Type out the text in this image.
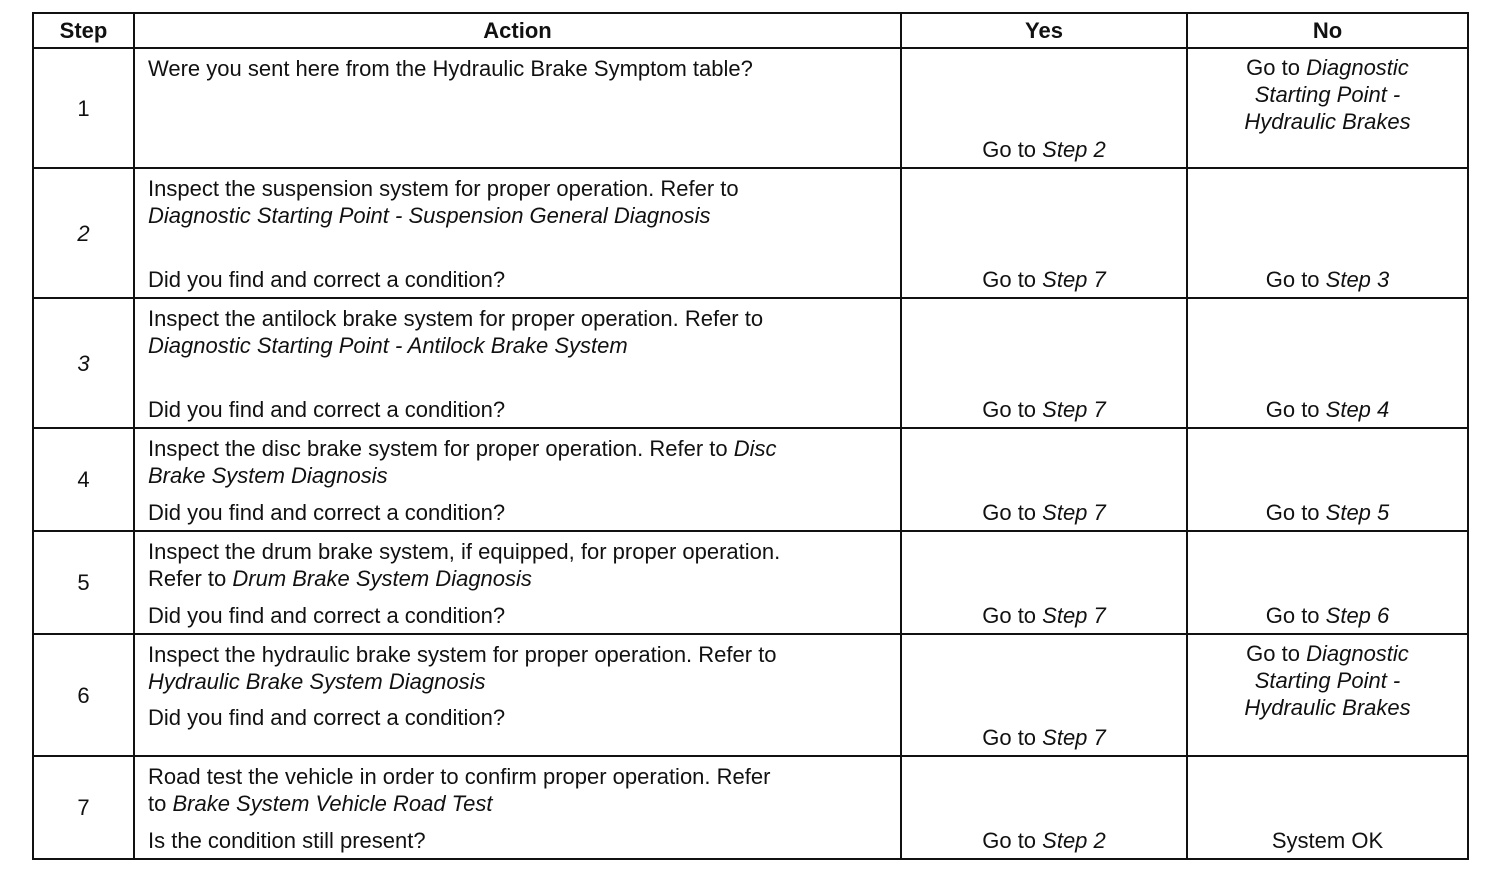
Step	Action	Yes	No
1	Were you sent here from the Hydraulic Brake Symptom table?	Go to Step 2	Go to Diagnostic
Starting Point -
Hydraulic Brakes

2	Inspect the suspension system for proper operation. Refer to
Diagnostic Starting Point - Suspension General Diagnosis
Did you find and correct a condition?	Go to Step 7	Go to Step 3

3	Inspect the antilock brake system for proper operation. Refer to
Diagnostic Starting Point - Antilock Brake System
Did you find and correct a condition?	Go to Step 7	Go to Step 4

4	Inspect the disc brake system for proper operation. Refer to Disc
Brake System Diagnosis
Did you find and correct a condition?	Go to Step 7	Go to Step 5

5	Inspect the drum brake system, if equipped, for proper operation.
Refer to Drum Brake System Diagnosis
Did you find and correct a condition?	Go to Step 7	Go to Step 6

6	Inspect the hydraulic brake system for proper operation. Refer to
Hydraulic Brake System Diagnosis
Did you find and correct a condition?	Go to Step 7	Go to Diagnostic
Starting Point -
Hydraulic Brakes

7	Road test the vehicle in order to confirm proper operation. Refer
to Brake System Vehicle Road Test
Is the condition still present?	Go to Step 2	System OK
